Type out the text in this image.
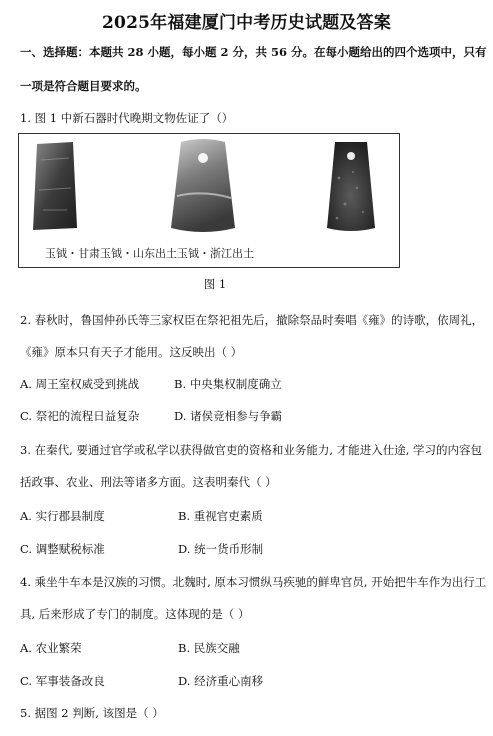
2025年福建厦门中考历史试题及答案
一、选择题：本题共 28 小题，每小题 2 分，共 56 分。在每小题给出的四个选项中，只有
一项是符合题目要求的。
1. 图 1 中新石器时代晚期文物佐证了（）
玉钺・甘肃玉钺・山东出土玉钺・浙江出土
图 1
2. 春秋时，鲁国仲孙氏等三家权臣在祭祀祖先后，撤除祭品时奏唱《雍》的诗歌，依周礼，
《雍》原本只有天子才能用。这反映出（ ）
A. 周王室权威受到挑战	B. 中央集权制度确立
C. 祭祀的流程日益复杂	D. 诸侯竞相参与争霸
3. 在秦代, 要通过官学或私学以获得做官吏的资格和业务能力, 才能进入仕途, 学习的内容包
括政事、农业、刑法等诸多方面。这表明秦代（ ）
A. 实行郡县制度	B. 重视官吏素质
C. 调整赋税标准	D. 统一货币形制
4. 乘坐牛车本是汉族的习惯。北魏时, 原本习惯纵马疾驰的鲜卑官员, 开始把牛车作为出行工
具, 后来形成了专门的制度。这体现的是（ ）
A. 农业繁荣	B. 民族交融
C. 军事装备改良	D. 经济重心南移
5. 据图 2 判断, 该图是（ ）
